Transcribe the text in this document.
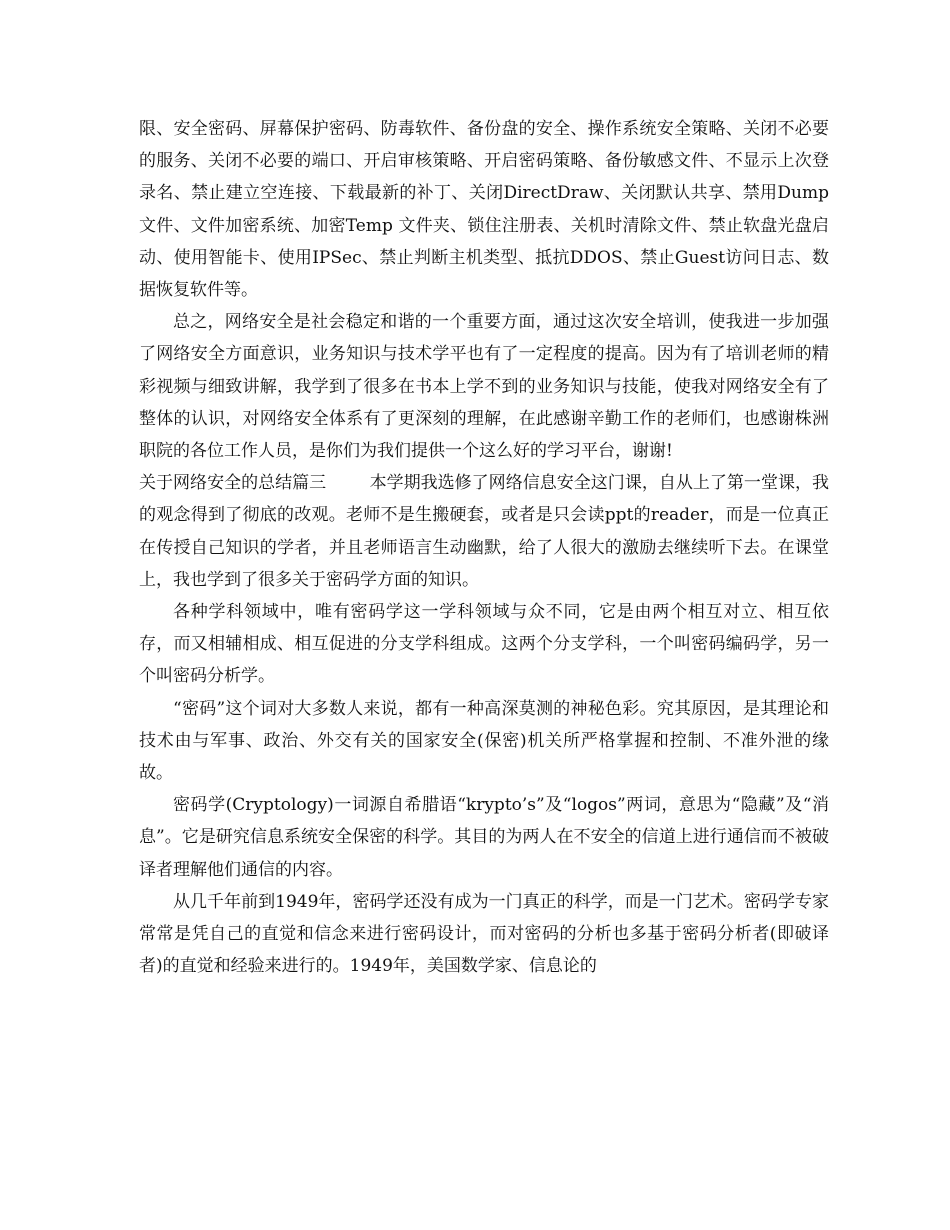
限、安全密码、屏幕保护密码、防毒软件、备份盘的安全、操作系统安全策略、关闭不必要的服务、关闭不必要的端口、开启审核策略、开启密码策略、备份敏感文件、不显示上次登录名、禁止建立空连接、下载最新的补丁、关闭DirectDraw、关闭默认共享、禁用Dump 文件、文件加密系统、加密Temp 文件夹、锁住注册表、关机时清除文件、禁止软盘光盘启动、使用智能卡、使用IPSec、禁止判断主机类型、抵抗DDOS、禁止Guest访问日志、数据恢复软件等。

总之，网络安全是社会稳定和谐的一个重要方面，通过这次安全培训，使我进一步加强了网络安全方面意识，业务知识与技术学平也有了一定程度的提高。因为有了培训老师的精彩视频与细致讲解，我学到了很多在书本上学不到的业务知识与技能，使我对网络安全有了整体的认识，对网络安全体系有了更深刻的理解，在此感谢辛勤工作的老师们，也感谢株洲职院的各位工作人员，是你们为我们提供一个这么好的学习平台，谢谢!

关于网络安全的总结篇三	本学期我选修了网络信息安全这门课，自从上了第一堂课，我的观念得到了彻底的改观。老师不是生搬硬套，或者是只会读ppt的reader，而是一位真正在传授自己知识的学者，并且老师语言生动幽默，给了人很大的激励去继续听下去。在课堂上，我也学到了很多关于密码学方面的知识。

各种学科领域中，唯有密码学这一学科领域与众不同，它是由两个相互对立、相互依存，而又相辅相成、相互促进的分支学科组成。这两个分支学科，一个叫密码编码学，另一个叫密码分析学。

“密码”这个词对大多数人来说，都有一种高深莫测的神秘色彩。究其原因，是其理论和技术由与军事、政治、外交有关的国家安全(保密)机关所严格掌握和控制、不准外泄的缘故。

密码学(Cryptology)一词源自希腊语“krypto’s”及“logos”两词，意思为“隐藏”及“消息”。它是研究信息系统安全保密的科学。其目的为两人在不安全的信道上进行通信而不被破译者理解他们通信的内容。

从几千年前到1949年，密码学还没有成为一门真正的科学，而是一门艺术。密码学专家常常是凭自己的直觉和信念来进行密码设计，而对密码的分析也多基于密码分析者(即破译者)的直觉和经验来进行的。1949年，美国数学家、信息论的
